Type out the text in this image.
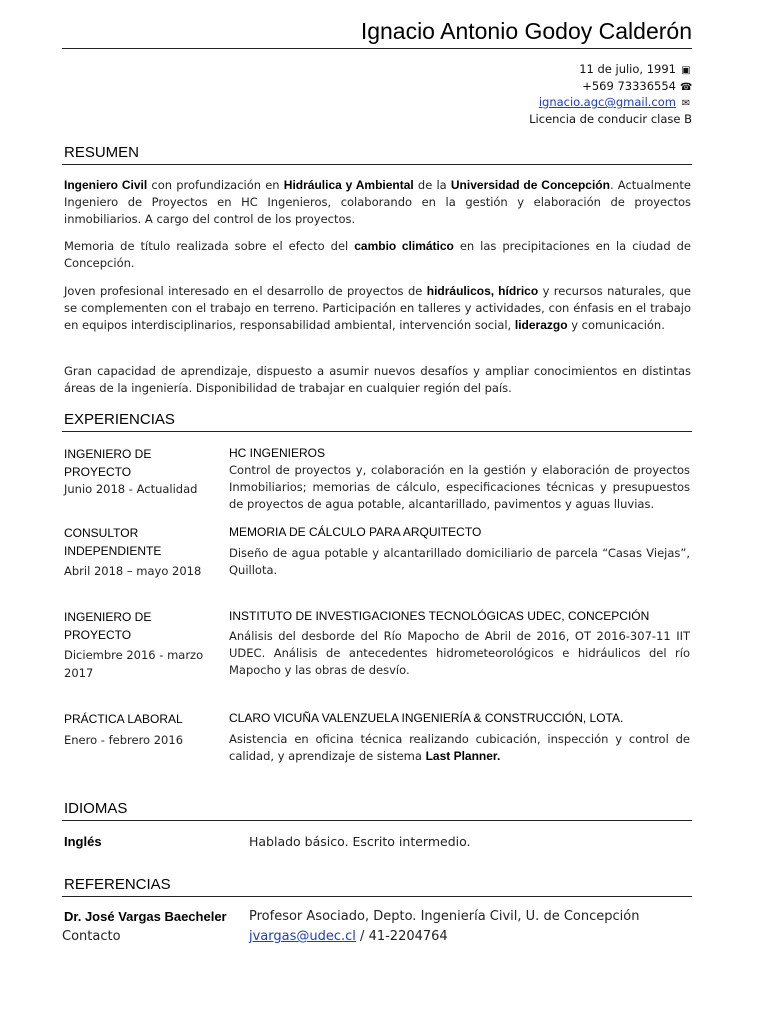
Ignacio Antonio Godoy Calderón
11 de julio, 1991 ▣
+569 73336554 ☎
ignacio.agc@gmail.com ✉
Licencia de conducir clase B
RESUMEN
Ingeniero Civil con profundización en Hidráulica y Ambiental de la Universidad de Concepción. Actualmente Ingeniero de Proyectos en HC Ingenieros, colaborando en la gestión y elaboración de proyectos inmobiliarios. A cargo del control de los proyectos.
Memoria de título realizada sobre el efecto del cambio climático en las precipitaciones en la ciudad de Concepción.
Joven profesional interesado en el desarrollo de proyectos de hidráulicos, hídrico y recursos naturales, que se complementen con el trabajo en terreno. Participación en talleres y actividades, con énfasis en el trabajo en equipos interdisciplinarios, responsabilidad ambiental, intervención social, liderazgo y comunicación.
Gran capacidad de aprendizaje, dispuesto a asumir nuevos desafíos y ampliar conocimientos en distintas áreas de la ingeniería. Disponibilidad de trabajar en cualquier región del país.
EXPERIENCIAS
INGENIERO DE PROYECTO
Junio 2018 - Actualidad
HC INGENIEROS
Control de proyectos y, colaboración en la gestión y elaboración de proyectos Inmobiliarios; memorias de cálculo, especificaciones técnicas y presupuestos de proyectos de agua potable, alcantarillado, pavimentos y aguas lluvias.
CONSULTOR INDEPENDIENTE
Abril 2018 – mayo 2018
MEMORIA DE CÁLCULO PARA ARQUITECTO
Diseño de agua potable y alcantarillado domiciliario de parcela “Casas Viejas”, Quillota.
INGENIERO DE PROYECTO
Diciembre 2016 - marzo 2017
INSTITUTO DE INVESTIGACIONES TECNOLÓGICAS UDEC, CONCEPCIÓN
Análisis del desborde del Río Mapocho de Abril de 2016, OT 2016-307-11 IIT UDEC. Análisis de antecedentes hidrometeorológicos e hidráulicos del río Mapocho y las obras de desvío.
PRÁCTICA LABORAL
Enero - febrero 2016
CLARO VICUÑA VALENZUELA INGENIERÍA & CONSTRUCCIÓN, LOTA.
Asistencia en oficina técnica realizando cubicación, inspección y control de calidad, y aprendizaje de sistema Last Planner.
IDIOMAS
Inglés	Hablado básico. Escrito intermedio.
REFERENCIAS
Dr. José Vargas Baecheler
Contacto
Profesor Asociado, Depto. Ingeniería Civil, U. de Concepción
jvargas@udec.cl / 41-2204764
